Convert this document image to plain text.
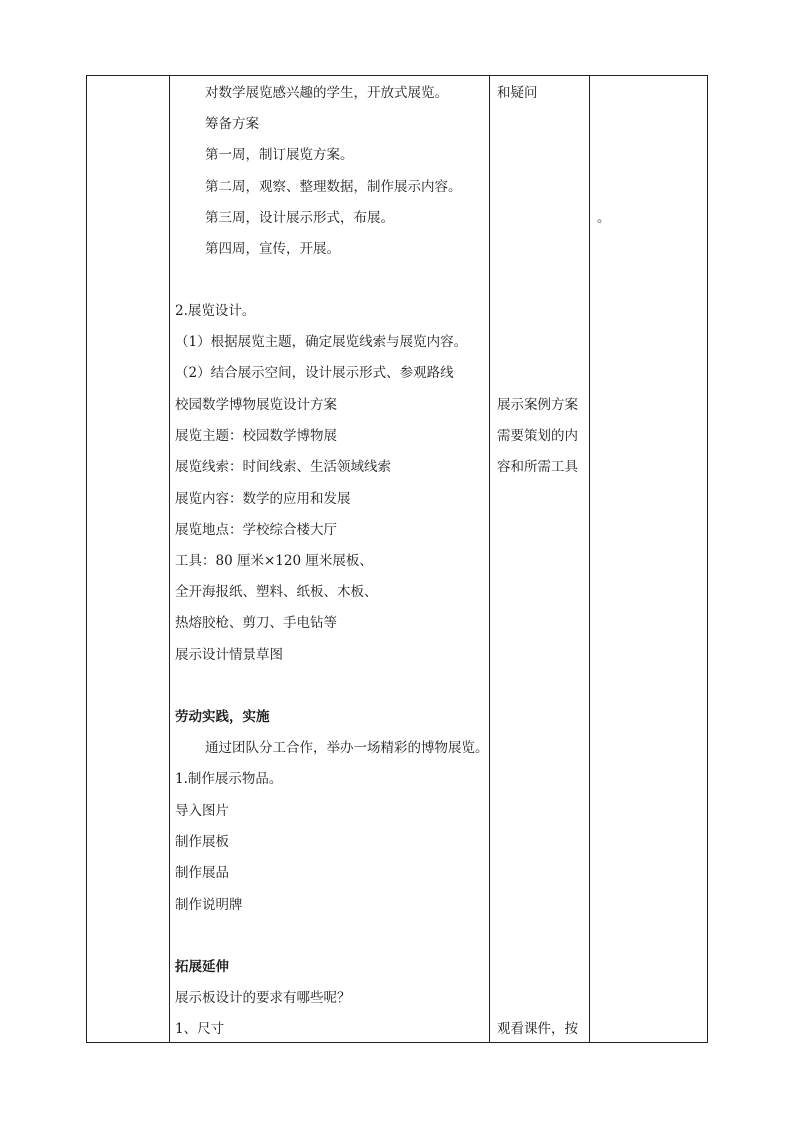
对数学展览感兴趣的学生，开放式展览。
筹备方案
第一周，制订展览方案。
第二周，观察、整理数据，制作展示内容。
第三周，设计展示形式，布展。
第四周，宣传，开展。
2.展览设计。
（1）根据展览主题，确定展览线索与展览内容。
（2）结合展示空间，设计展示形式、参观路线
校园数学博物展览设计方案
展览主题：校园数学博物展
展览线索：时间线索、生活领域线索
展览内容：数学的应用和发展
展览地点：学校综合楼大厅
工具：80 厘米×120 厘米展板、
全开海报纸、塑料、纸板、木板、
热熔胶枪、剪刀、手电钻等
展示设计情景草图
劳动实践，实施
通过团队分工合作，举办一场精彩的博物展览。
1.制作展示物品。
导入图片
制作展板
制作展品
制作说明牌
拓展延伸
展示板设计的要求有哪些呢？
1、尺寸
和疑问
展示案例方案
需要策划的内
容和所需工具
观看课件，按
。
